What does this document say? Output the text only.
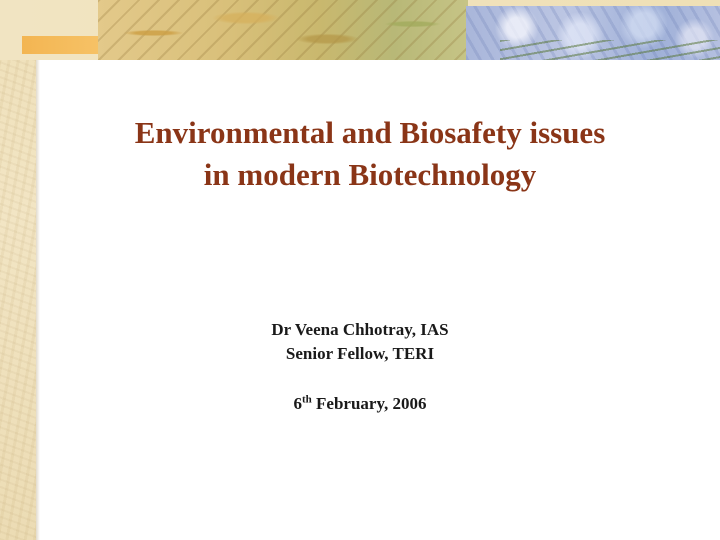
Environmental and Biosafety issues
in modern Biotechnology
Dr Veena Chhotray, IAS
Senior Fellow, TERI
6th February, 2006
